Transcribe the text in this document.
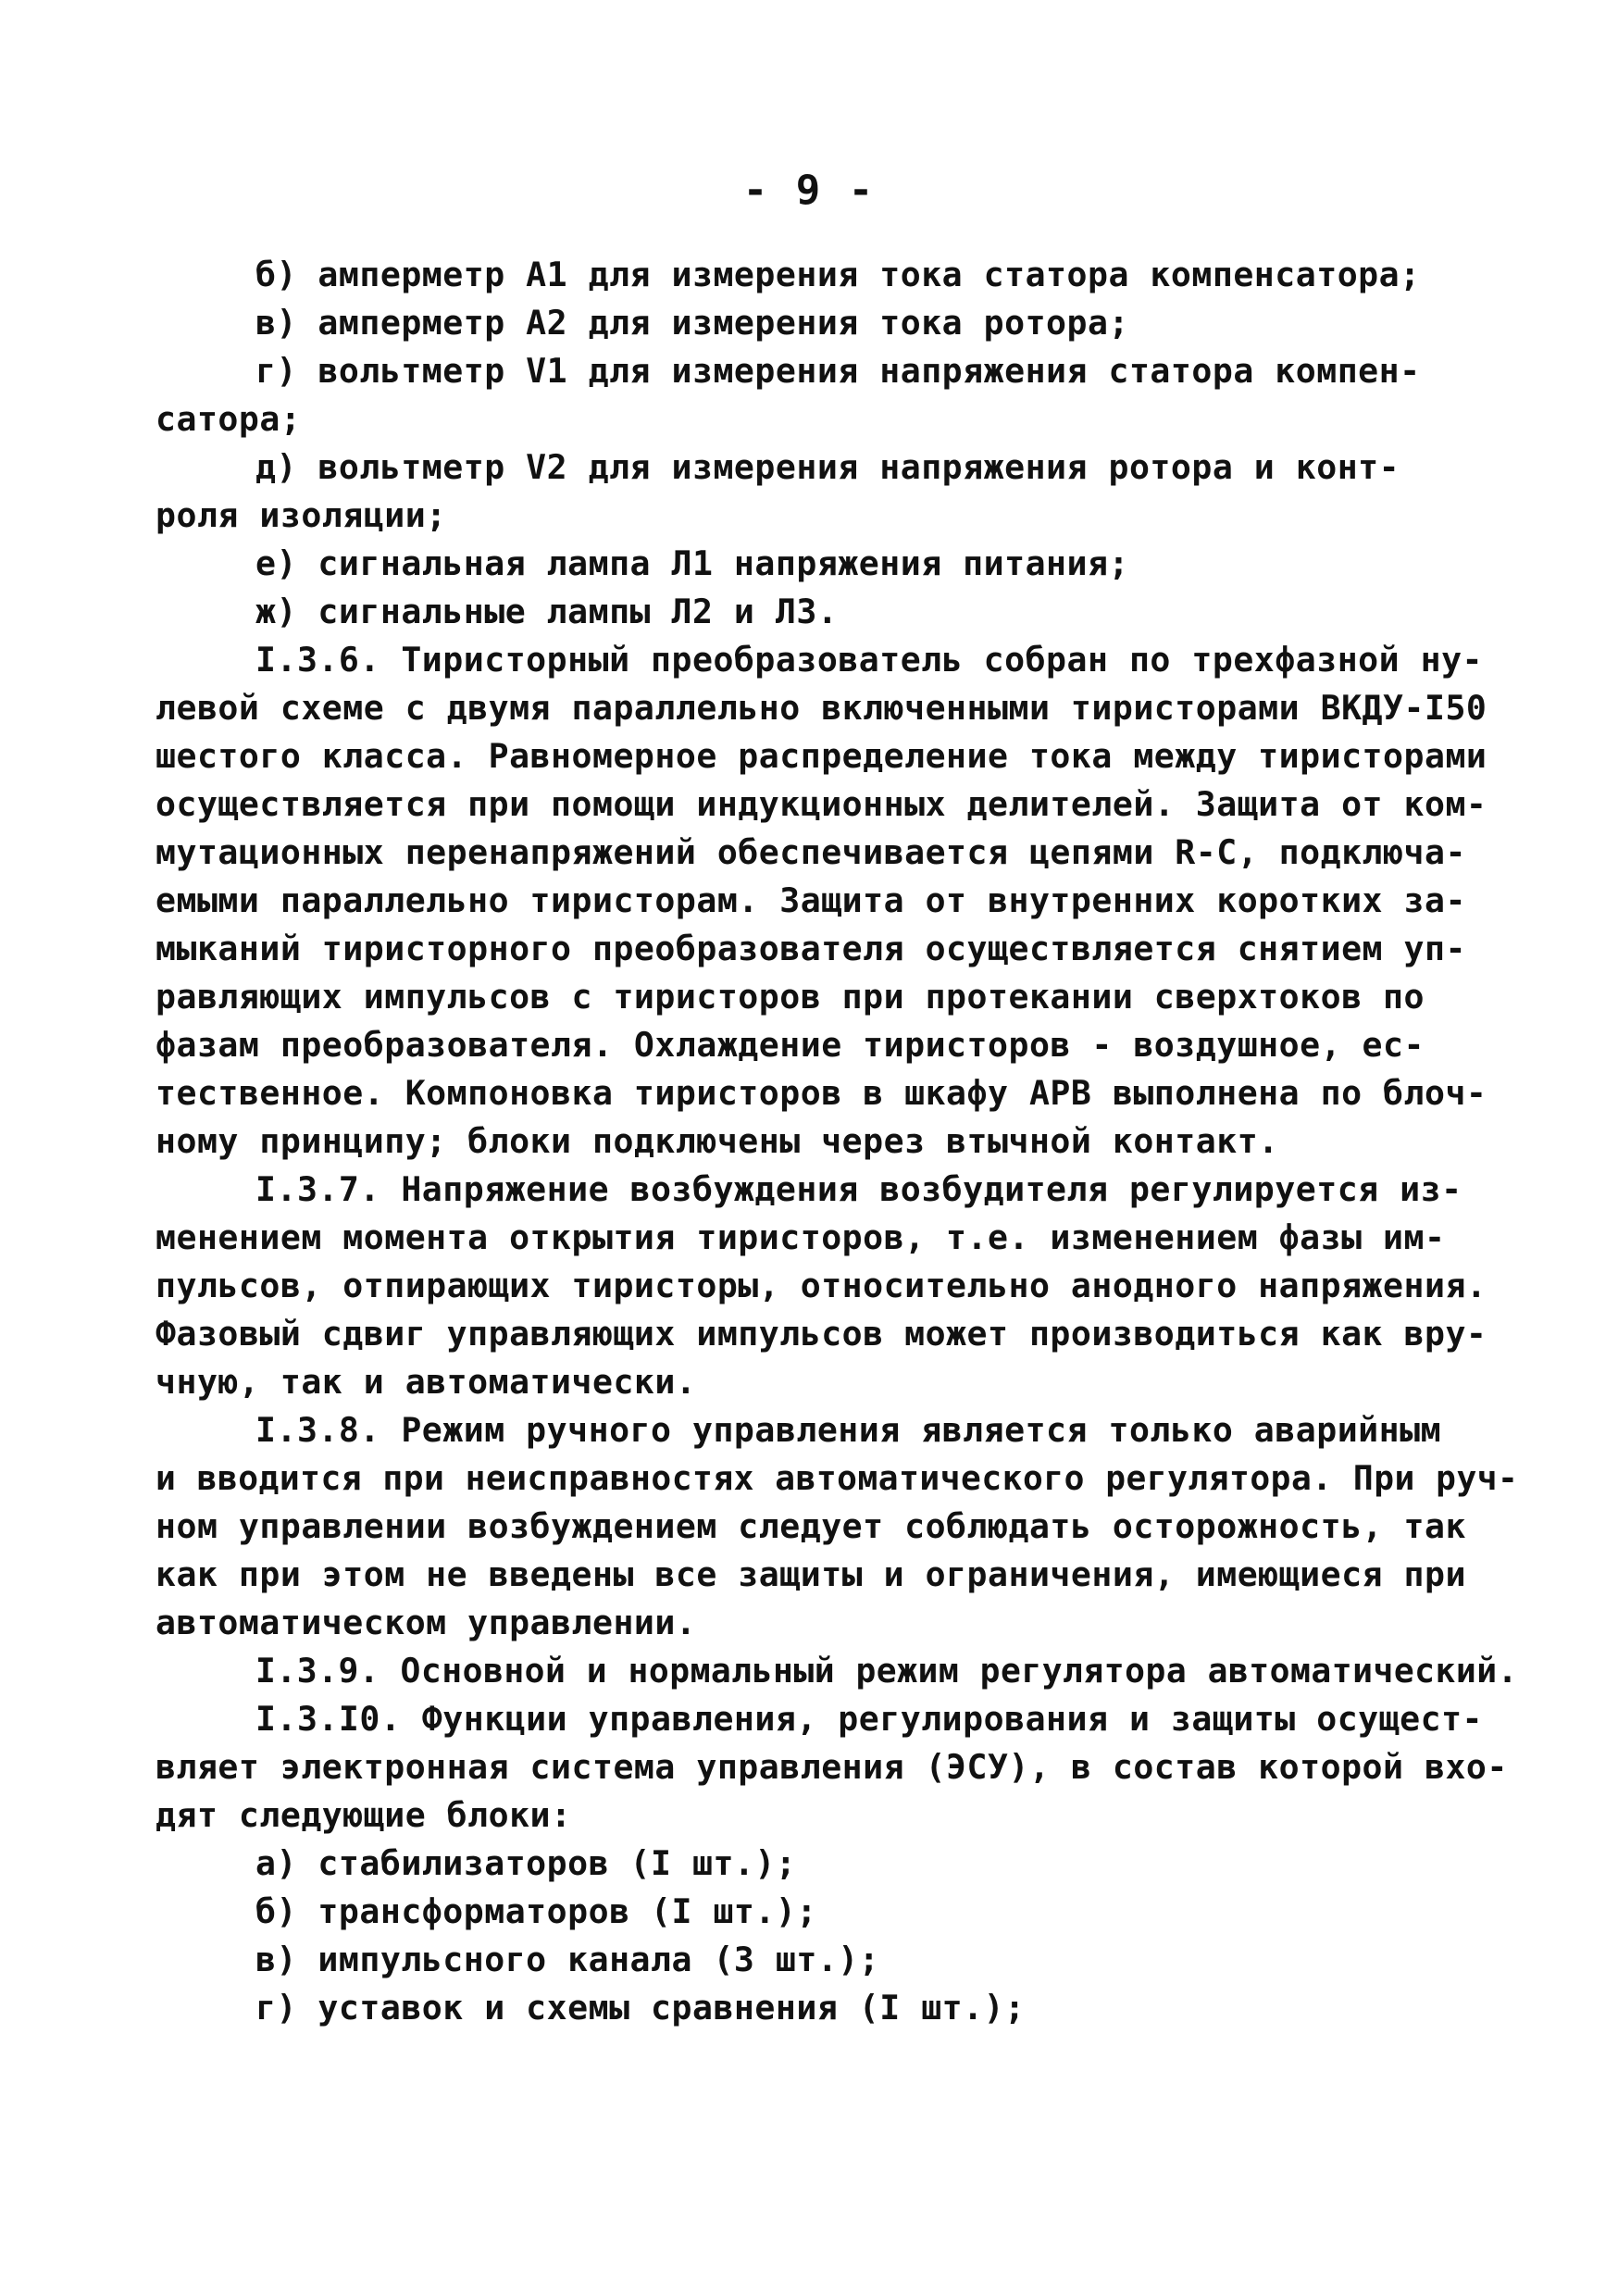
- 9 -

б) амперметр А1 для измерения тока статора компенсатора;

в) амперметр А2 для измерения тока ротора;

г) вольтметр V1 для измерения напряжения статора компен-

сатора;

д) вольтметр V2 для измерения напряжения ротора и конт-

роля изоляции;

е) сигнальная лампа Л1 напряжения питания;

ж) сигнальные лампы Л2 и Л3.

I.3.6. Тиристорный преобразователь собран по трехфазной ну-

левой схеме с двумя параллельно включенными тиристорами ВКДУ-I50

шестого класса. Равномерное распределение тока между тиристорами

осуществляется при помощи индукционных делителей. Защита от ком-

мутационных перенапряжений обеспечивается цепями R-C, подключа-

емыми параллельно тиристорам. Защита от внутренних коротких за-

мыканий тиристорного преобразователя осуществляется снятием уп-

равляющих импульсов с тиристоров при протекании сверхтоков по

фазам преобразователя. Охлаждение тиристоров - воздушное, ес-

тественное. Компоновка тиристоров в шкафу АРВ выполнена по блоч-

ному принципу; блоки подключены через втычной контакт.

I.3.7. Напряжение возбуждения возбудителя регулируется из-

менением момента открытия тиристоров, т.е. изменением фазы им-

пульсов, отпирающих тиристоры, относительно анодного напряжения.

Фазовый сдвиг управляющих импульсов может производиться как вру-

чную, так и автоматически.

I.3.8. Режим ручного управления является только аварийным

и вводится при неисправностях автоматического регулятора. При руч-

ном управлении возбуждением следует соблюдать осторожность, так

как при этом не введены все защиты и ограничения, имеющиеся при

автоматическом управлении.

I.3.9. Основной и нормальный режим регулятора автоматический.

I.3.I0. Функции управления, регулирования и защиты осущест-

вляет электронная система управления (ЭСУ), в состав которой вхо-

дят следующие блоки:

а) стабилизаторов (I шт.);

б) трансформаторов (I шт.);

в) импульсного канала (3 шт.);

г) уставок и схемы сравнения (I шт.);
